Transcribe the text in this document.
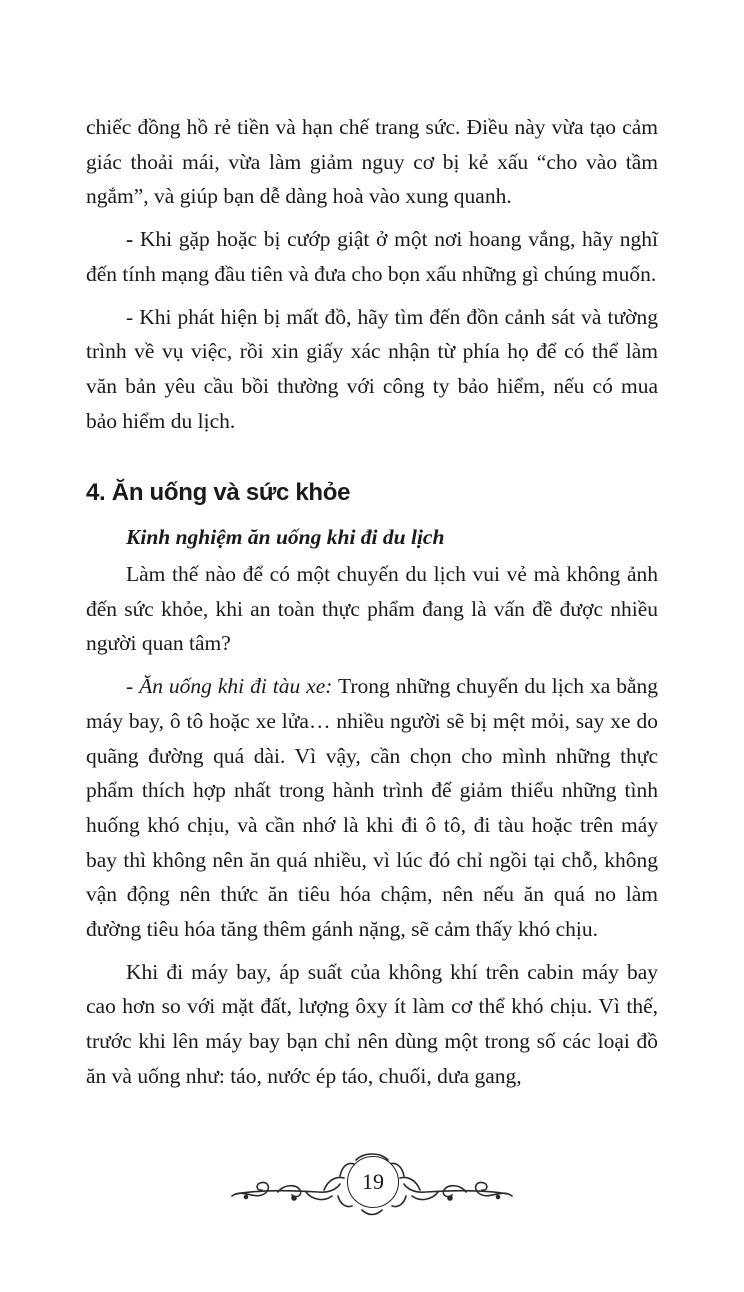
chiếc đồng hồ rẻ tiền và hạn chế trang sức. Điều này vừa tạo cảm giác thoải mái, vừa làm giảm nguy cơ bị kẻ xấu “cho vào tầm ngắm”, và giúp bạn dễ dàng hoà vào xung quanh.

- Khi gặp hoặc bị cướp giật ở một nơi hoang vắng, hãy nghĩ đến tính mạng đầu tiên và đưa cho bọn xấu những gì chúng muốn.

- Khi phát hiện bị mất đồ, hãy tìm đến đồn cảnh sát và tường trình về vụ việc, rồi xin giấy xác nhận từ phía họ để có thể làm văn bản yêu cầu bồi thường với công ty bảo hiểm, nếu có mua bảo hiểm du lịch.

4. Ăn uống và sức khỏe

Kinh nghiệm ăn uống khi đi du lịch

Làm thế nào để có một chuyến du lịch vui vẻ mà không ảnh đến sức khỏe, khi an toàn thực phẩm đang là vấn đề được nhiều người quan tâm?

- Ăn uống khi đi tàu xe: Trong những chuyến du lịch xa bằng máy bay, ô tô hoặc xe lửa… nhiều người sẽ bị mệt mỏi, say xe do quãng đường quá dài. Vì vậy, cần chọn cho mình những thực phẩm thích hợp nhất trong hành trình để giảm thiểu những tình huống khó chịu, và cần nhớ là khi đi ô tô, đi tàu hoặc trên máy bay thì không nên ăn quá nhiều, vì lúc đó chỉ ngồi tại chỗ, không vận động nên thức ăn tiêu hóa chậm, nên nếu ăn quá no làm đường tiêu hóa tăng thêm gánh nặng, sẽ cảm thấy khó chịu.

Khi đi máy bay, áp suất của không khí trên cabin máy bay cao hơn so với mặt đất, lượng ôxy ít làm cơ thể khó chịu. Vì thế, trước khi lên máy bay bạn chỉ nên dùng một trong số các loại đồ ăn và uống như: táo, nước ép táo, chuối, dưa gang,

19
